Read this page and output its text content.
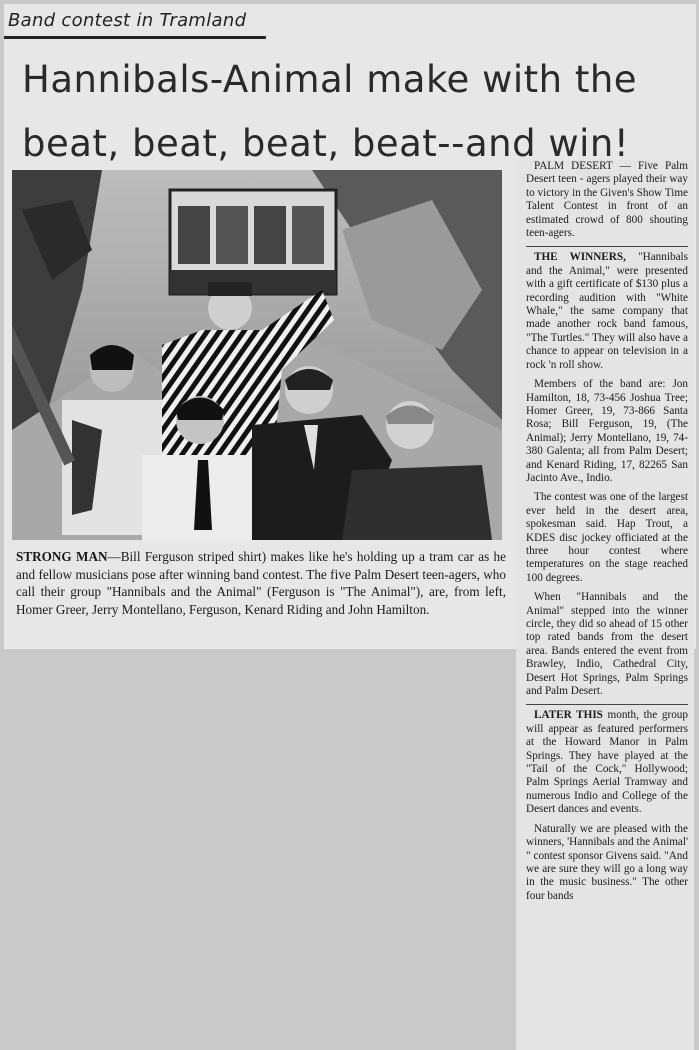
Band contest in Tramland
Hannibals-Animal make with the
beat, beat, beat, beat--and win!
STRONG MAN—Bill Ferguson striped shirt) makes like he's holding up a tram car as he and fellow musicians pose after winning band contest. The five Palm Desert teen-agers, who call their group "Hannibals and the Animal" (Ferguson is "The Animal"), are, from left, Homer Greer, Jerry Montellano, Ferguson, Kenard Riding and John Hamilton.

PALM DESERT — Five Palm Desert teen - agers played their way to victory in the Given's Show Time Talent Contest in front of an estimated crowd of 800 shouting teen-agers.

THE WINNERS, "Hannibals and the Animal," were presented with a gift certificate of $130 plus a recording audition with "White Whale," the same company that made another rock band famous, "The Turtles." They will also have a chance to appear on television in a rock 'n roll show.

Members of the band are: Jon Hamilton, 18, 73-456 Joshua Tree; Homer Greer, 19, 73-866 Santa Rosa; Bill Ferguson, 19, (The Animal); Jerry Montellano, 19, 74-380 Galenta; all from Palm Desert; and Kenard Riding, 17, 82265 San Jacinto Ave., Indio.

The contest was one of the largest ever held in the desert area, spokesman said. Hap Trout, a KDES disc jockey officiated at the three hour contest where temperatures on the stage reached 100 degrees.

When "Hannibals and the Animal" stepped into the winner circle, they did so ahead of 15 other top rated bands from the desert area. Bands entered the event from Brawley, Indio, Cathedral City, Desert Hot Springs, Palm Springs and Palm Desert.

LATER THIS month, the group will appear as featured performers at the Howard Manor in Palm Springs. They have played at the "Tail of the Cock," Hollywood; Palm Springs Aerial Tramway and numerous Indio and College of the Desert dances and events.

Naturally we are pleased with the winners, 'Hannibals and the Animal' " contest sponsor Givens said. "And we are sure they will go a long way in the music business." The other four bands
